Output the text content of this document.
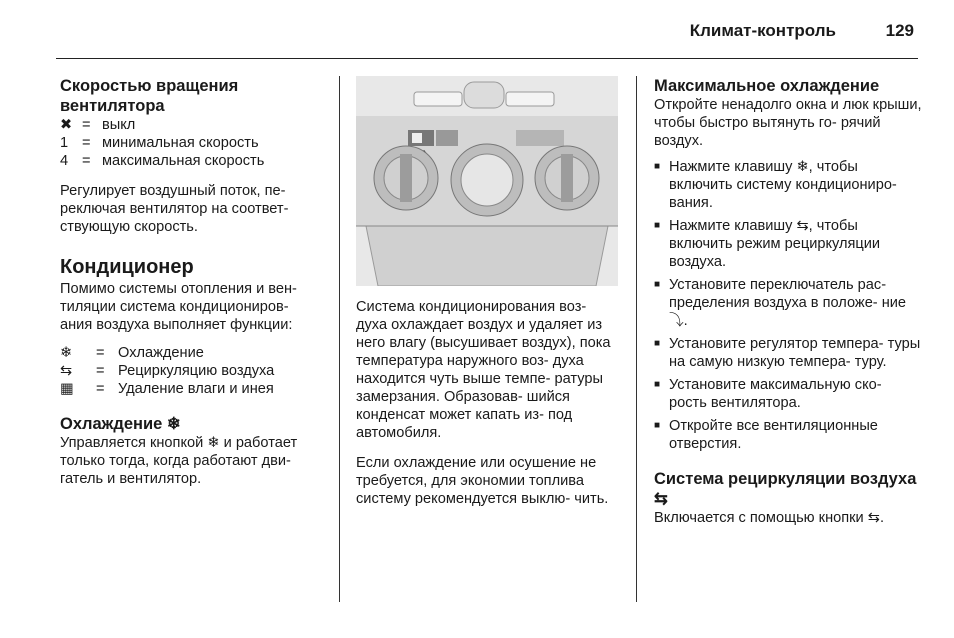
Климат-контроль	129
Скоростью вращения вентилятора
✖ = выкл
1 = минимальная скорость
4 = максимальная скорость

Регулирует воздушный поток, пе- реключая вентилятор на соответ- ствующую скорость.

Кондиционер

Помимо системы отопления и вен- тиляции система кондициониров- ания воздуха выполняет функции:

❄	= Охлаждение
⇆	= Рециркуляцию воздуха
▦	= Удаление влаги и инея
Охлаждение ❄

Управляется кнопкой ❄ и работает только тогда, когда работают дви- гатель и вентилятор.

Система кондиционирования воз- духа охлаждает воздух и удаляет из него влагу (высушивает воздух), пока температура наружного воз- духа находится чуть выше темпе- ратуры замерзания. Образовав- шийся конденсат может капать из- под автомобиля.

Если охлаждение или осушение не требуется, для экономии топлива систему рекомендуется выклю- чить.

Максимальное охлаждение

Откройте ненадолго окна и люк крыши, чтобы быстро вытянуть го- рячий воздух.

■ Нажмите клавишу ❄, чтобы включить систему кондициониро- вания.
■ Нажмите клавишу ⇆, чтобы включить режим рециркуляции воздуха.
■ Установите переключатель рас- пределения воздуха в положе- ние ⤵.
■ Установите регулятор темпера- туры на самую низкую темпера- туру.
■ Установите максимальную ско- рость вентилятора.
■ Откройте все вентиляционные отверстия.
Система рециркуляции воздуха ⇆

Включается с помощью кнопки ⇆.
